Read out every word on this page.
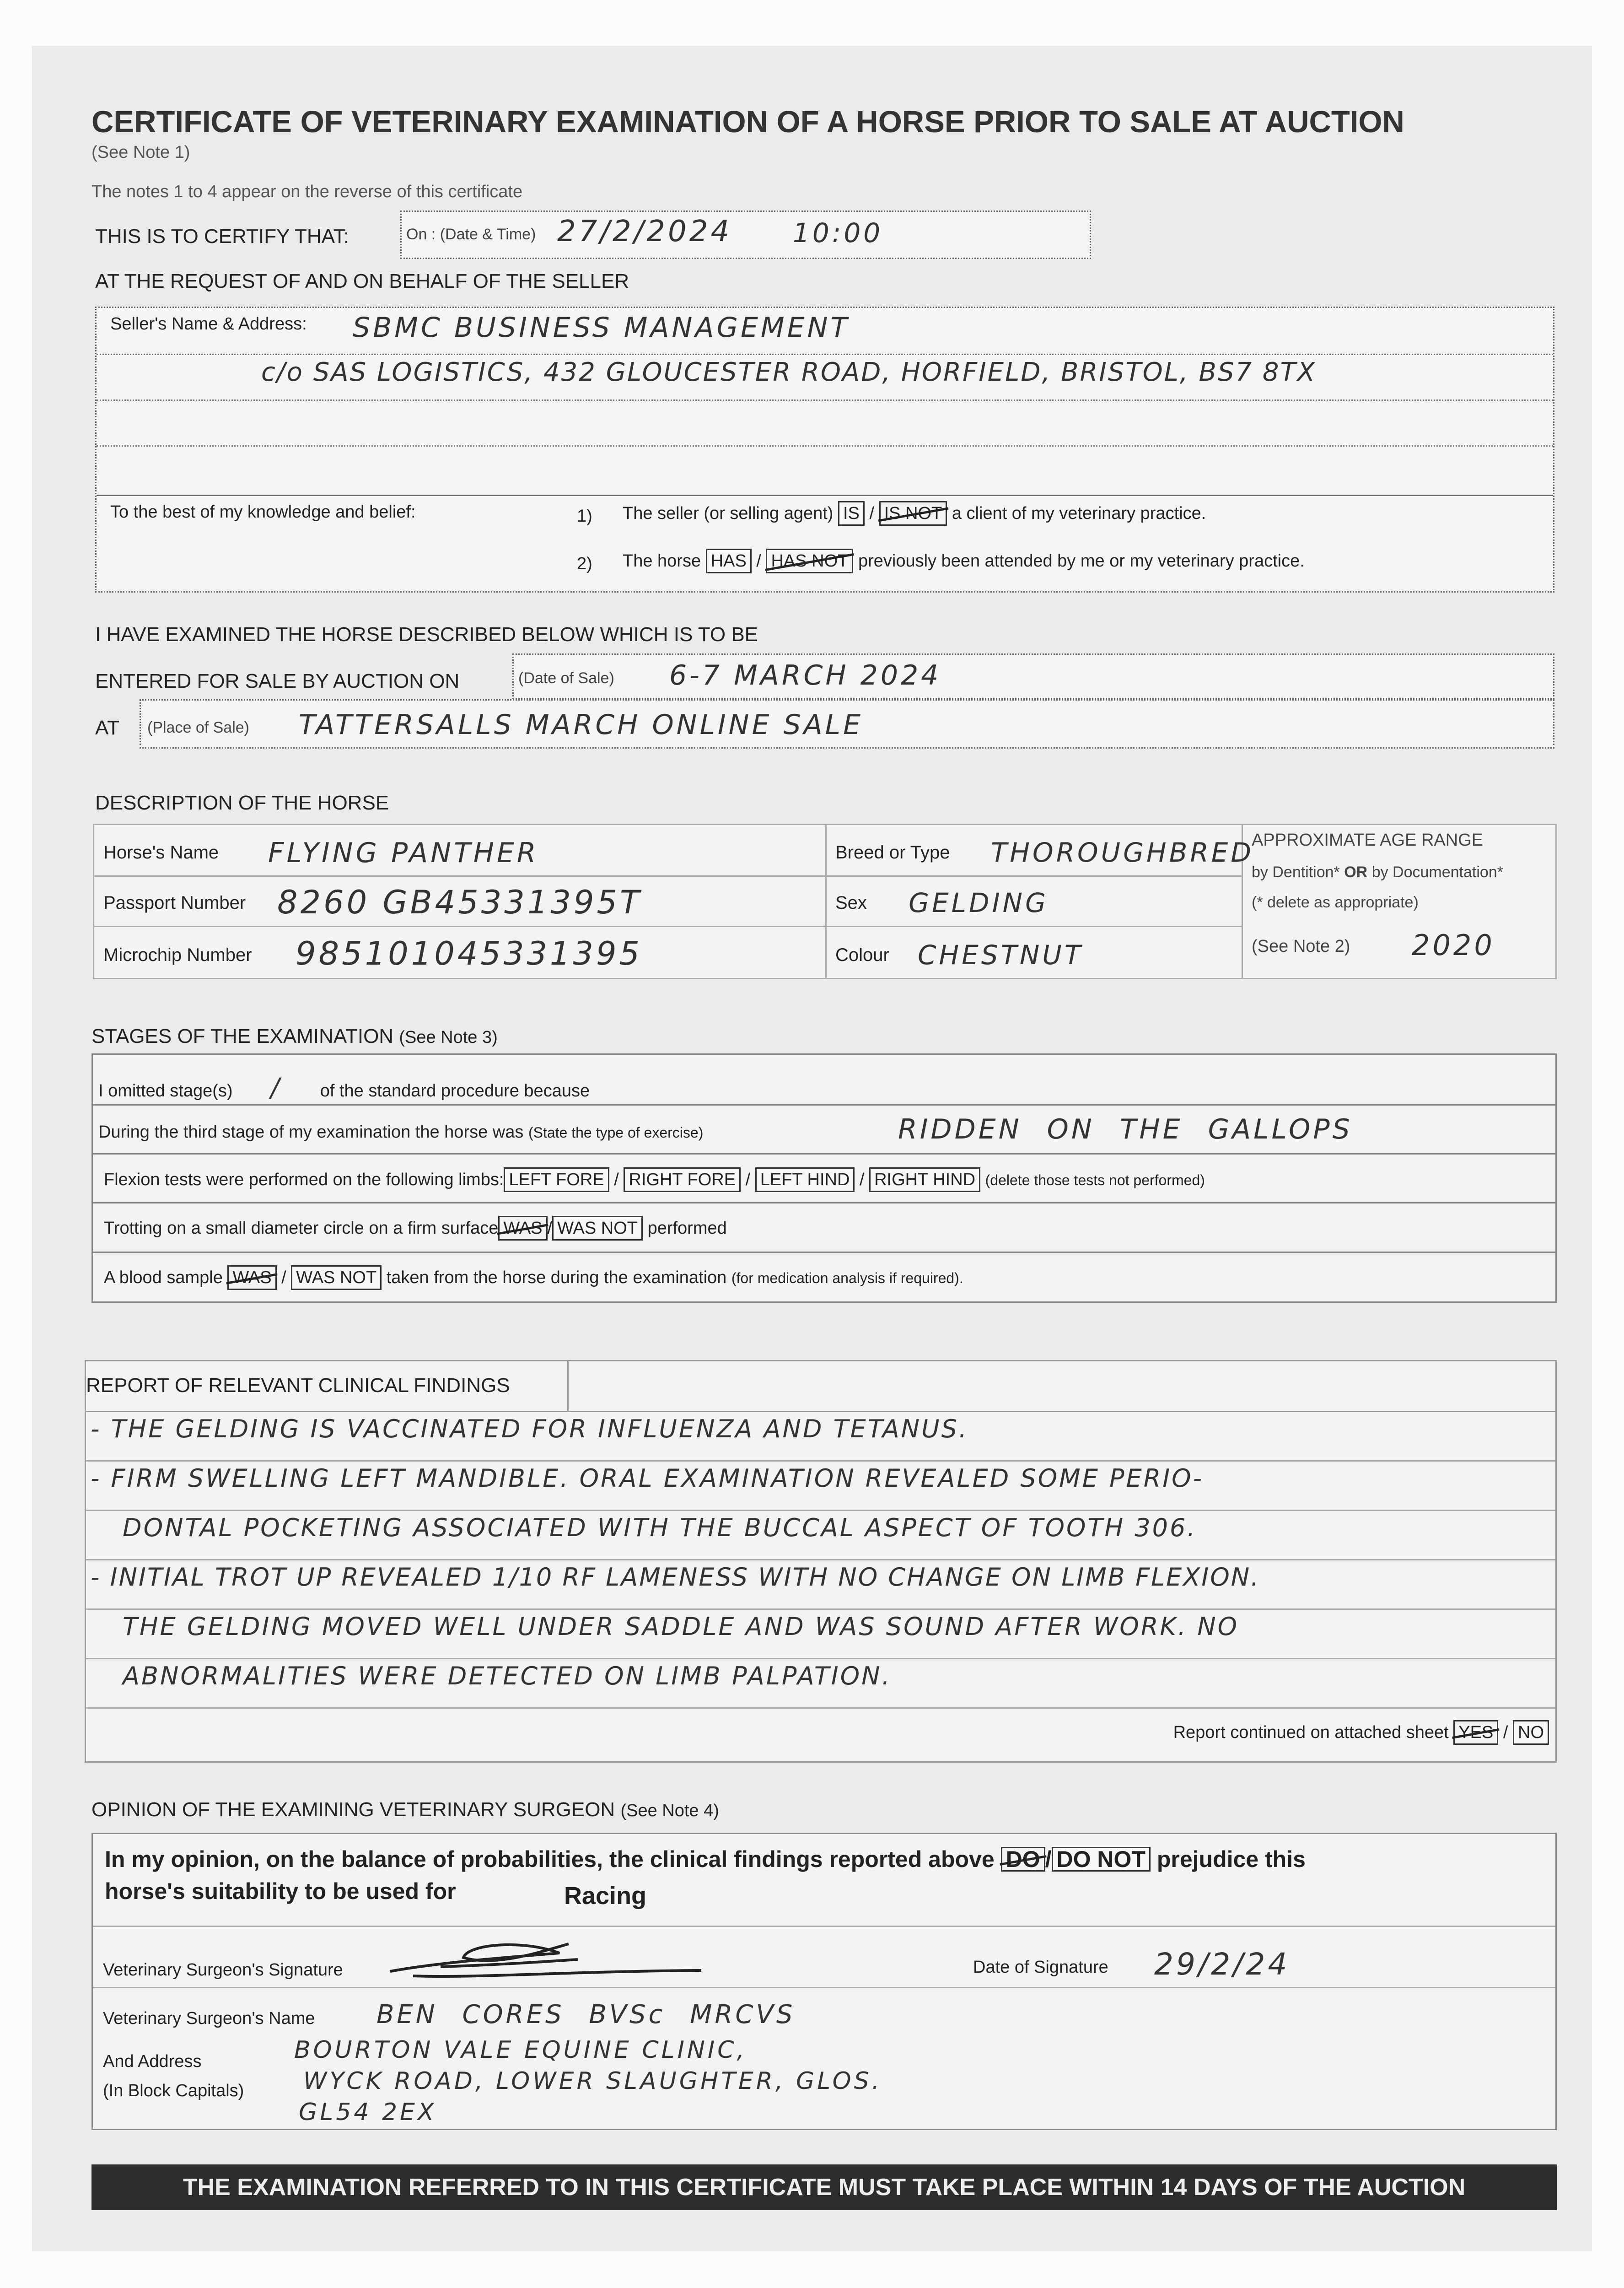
CERTIFICATE OF VETERINARY EXAMINATION OF A HORSE PRIOR TO SALE AT AUCTION
(See Note 1)
The notes 1 to 4 appear on the reverse of this certificate
THIS IS TO CERTIFY THAT:	On : (Date & Time) 27/2/2024 10:00
AT THE REQUEST OF AND ON BEHALF OF THE SELLER
Seller's Name & Address: SBMC BUSINESS MANAGEMENT
c/o SAS LOGISTICS, 432 GLOUCESTER ROAD, HORFIELD, BRISTOL, BS7 8TX
To the best of my knowledge and belief:	1) The seller (or selling agent) IS / IS NOT a client of my veterinary practice.
2) The horse HAS / HAS NOT previously been attended by me or my veterinary practice.
I HAVE EXAMINED THE HORSE DESCRIBED BELOW WHICH IS TO BE
ENTERED FOR SALE BY AUCTION ON	(Date of Sale) 6-7 MARCH 2024
AT (Place of Sale) TATTERSALLS MARCH ONLINE SALE
DESCRIPTION OF THE HORSE
Horse's Name FLYING PANTHER
Passport Number 8260 GB45331395T
Microchip Number 985101045331395
Breed or Type THOROUGHBRED
Sex GELDING
Colour CHESTNUT
APPROXIMATE AGE RANGE
by Dentition* OR by Documentation*
(* delete as appropriate)
(See Note 2) 2020
STAGES OF THE EXAMINATION (See Note 3)
I omitted stage(s) / of the standard procedure because
During the third stage of my examination the horse was (State the type of exercise)	RIDDEN ON THE GALLOPS
Flexion tests were performed on the following limbs: LEFT FORE / RIGHT FORE / LEFT HIND / RIGHT HIND (delete those tests not performed)
Trotting on a small diameter circle on a firm surface WAS / WAS NOT performed
A blood sample WAS / WAS NOT taken from the horse during the examination (for medication analysis if required).
REPORT OF RELEVANT CLINICAL FINDINGS
- THE GELDING IS VACCINATED FOR INFLUENZA AND TETANUS.
- FIRM SWELLING LEFT MANDIBLE. ORAL EXAMINATION REVEALED SOME PERIO-
DONTAL POCKETING ASSOCIATED WITH THE BUCCAL ASPECT OF TOOTH 306.
- INITIAL TROT UP REVEALED 1/10 RF LAMENESS WITH NO CHANGE ON LIMB FLEXION.
THE GELDING MOVED WELL UNDER SADDLE AND WAS SOUND AFTER WORK. NO
ABNORMALITIES WERE DETECTED ON LIMB PALPATION.
Report continued on attached sheet YES / NO
OPINION OF THE EXAMINING VETERINARY SURGEON (See Note 4)
In my opinion, on the balance of probabilities, the clinical findings reported above DO / DO NOT prejudice this
horse's suitability to be used for	Racing
Veterinary Surgeon's Signature	Date of Signature 29/2/24
Veterinary Surgeon's Name BEN CORES BVSc MRCVS
And Address
(In Block Capitals)
BOURTON VALE EQUINE CLINIC,
WYCK ROAD, LOWER SLAUGHTER, GLOS.
GL54 2EX
THE EXAMINATION REFERRED TO IN THIS CERTIFICATE MUST TAKE PLACE WITHIN 14 DAYS OF THE AUCTION
